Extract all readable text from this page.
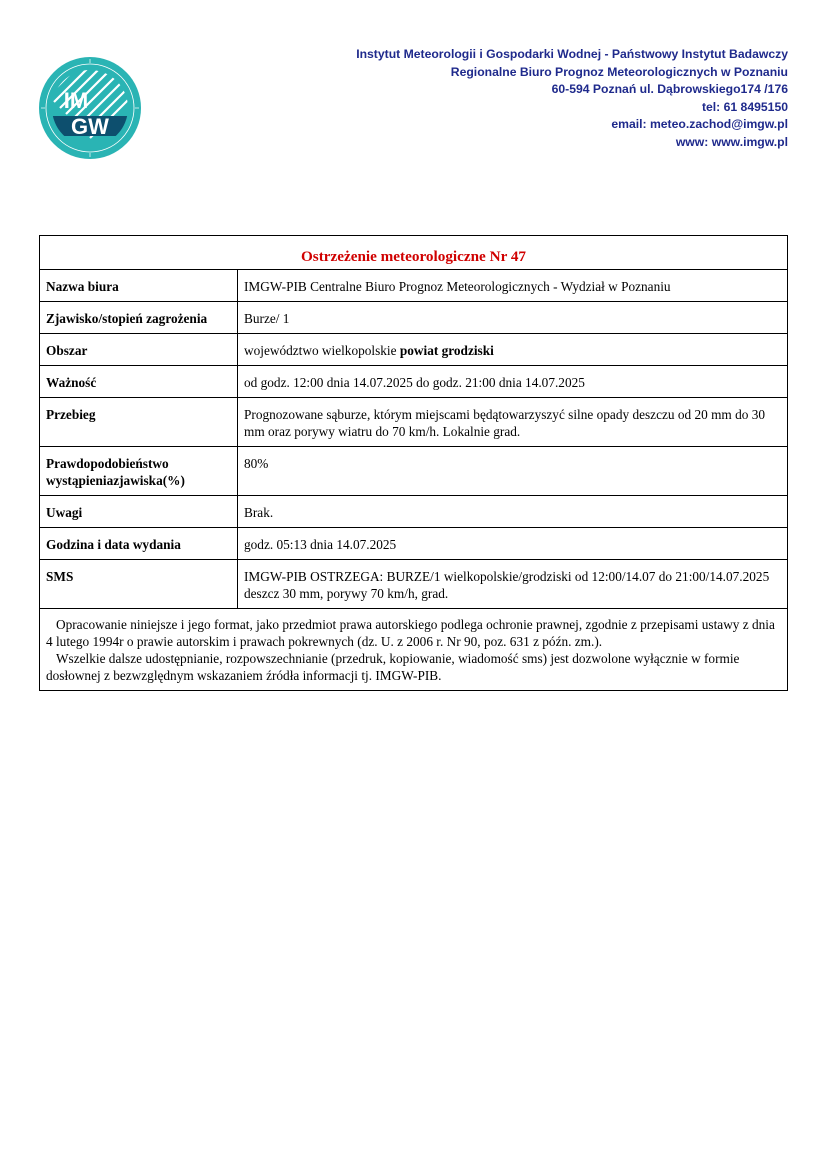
IM
GW
Instytut Meteorologii i Gospodarki Wodnej - Państwowy Instytut Badawczy
Regionalne Biuro Prognoz Meteorologicznych w Poznaniu
60-594 Poznań ul. Dąbrowskiego174 /176
tel: 61 8495150
email: meteo.zachod@imgw.pl
www: www.imgw.pl
Ostrzeżenie meteorologiczne Nr 47	
Nazwa biura	IMGW-PIB Centralne Biuro Prognoz Meteorologicznych - Wydział w Poznaniu
Zjawisko/stopień zagrożenia	Burze/ 1
Obszar	województwo wielkopolskie powiat grodziski
Ważność	od godz. 12:00 dnia 14.07.2025 do godz. 21:00 dnia 14.07.2025
Przebieg	Prognozowane sąburze, którym miejscami będątowarzyszyć silne opady deszczu od 20 mm do 30 mm oraz porywy wiatru do 70 km/h. Lokalnie grad.
Prawdopodobieństwo wystąpieniazjawiska(%)	80%
Uwagi	Brak.
Godzina i data wydania	godz. 05:13 dnia 14.07.2025
SMS	IMGW-PIB OSTRZEGA: BURZE/1 wielkopolskie/grodziski od 12:00/14.07 do 21:00/14.07.2025 deszcz 30 mm, porywy 70 km/h, grad.

Opracowanie niniejsze i jego format, jako przedmiot prawa autorskiego podlega ochronie prawnej, zgodnie z przepisami ustawy z dnia 4 lutego 1994r o prawie autorskim i prawach pokrewnych (dz. U. z 2006 r. Nr 90, poz. 631 z późn. zm.).

Wszelkie dalsze udostępnianie, rozpowszechnianie (przedruk, kopiowanie, wiadomość sms) jest dozwolone wyłącznie w formie dosłownej z bezwzględnym wskazaniem źródła informacji tj. IMGW-PIB.	
